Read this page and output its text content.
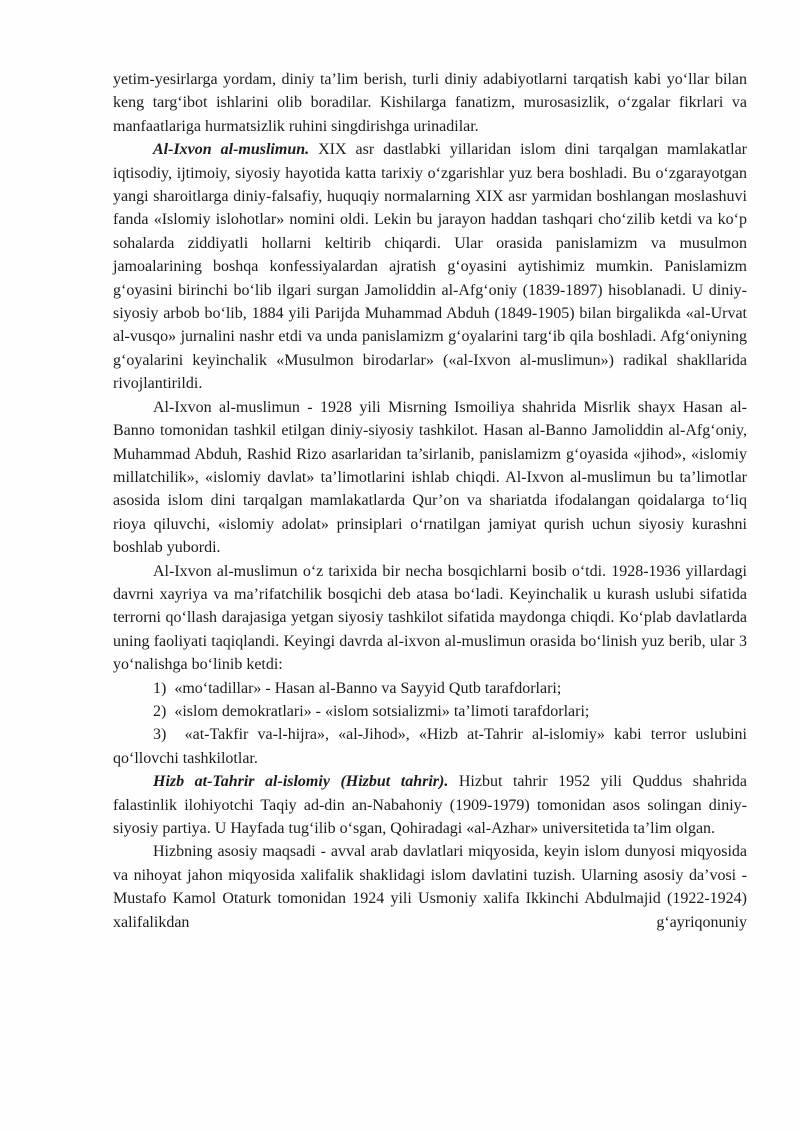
yetim-yesirlarga yordam, diniy ta’lim berish, turli diniy adabiyotlarni tarqatish kabi yo‘llar bilan keng targ‘ibot ishlarini olib boradilar. Kishilarga fanatizm, murosasizlik, o‘zgalar fikrlari va manfaatlariga hurmatsizlik ruhini singdirishga urinadilar.

Al-Ixvon al-muslimun. XIX asr dastlabki yillaridan islom dini tarqalgan mamlakatlar iqtisodiy, ijtimoiy, siyosiy hayotida katta tarixiy o‘zgarishlar yuz bera boshladi. Bu o‘zgarayotgan yangi sharoitlarga diniy-falsafiy, huquqiy normalarning XIX asr yarmidan boshlangan moslashuvi fanda «Islomiy islohotlar» nomini oldi. Lekin bu jarayon haddan tashqari cho‘zilib ketdi va ko‘p sohalarda ziddiyatli hollarni keltirib chiqardi. Ular orasida panislamizm va musulmon jamoalarining boshqa konfessiyalardan ajratish g‘oyasini aytishimiz mumkin. Panislamizm g‘oyasini birinchi bo‘lib ilgari surgan Jamoliddin al-Afg‘oniy (1839-1897) hisoblanadi. U diniy-siyosiy arbob bo‘lib, 1884 yili Parijda Muhammad Abduh (1849-1905) bilan birgalikda «al-Urvat al-vusqo» jurnalini nashr etdi va unda panislamizm g‘oyalarini targ‘ib qila boshladi. Afg‘oniyning g‘oyalarini keyinchalik «Musulmon birodarlar» («al-Ixvon al-muslimun») radikal shakllarida rivojlantirildi.

Al-Ixvon al-muslimun - 1928 yili Misrning Ismoiliya shahrida Misrlik shayx Hasan al-Banno tomonidan tashkil etilgan diniy-siyosiy tashkilot. Hasan al-Banno Jamoliddin al-Afg‘oniy, Muhammad Abduh, Rashid Rizo asarlaridan ta’sirlanib, panislamizm g‘oyasida «jihod», «islomiy millatchilik», «islomiy davlat» ta’limotlarini ishlab chiqdi. Al-Ixvon al-muslimun bu ta’limotlar asosida islom dini tarqalgan mamlakatlarda Qur’on va shariatda ifodalangan qoidalarga to‘liq rioya qiluvchi, «islomiy adolat» prinsiplari o‘rnatilgan jamiyat qurish uchun siyosiy kurashni boshlab yubordi.

Al-Ixvon al-muslimun o‘z tarixida bir necha bosqichlarni bosib o‘tdi. 1928-1936 yillardagi davrni xayriya va ma’rifatchilik bosqichi deb atasa bo‘ladi. Keyinchalik u kurash uslubi sifatida terrorni qo‘llash darajasiga yetgan siyosiy tashkilot sifatida maydonga chiqdi. Ko‘plab davlatlarda uning faoliyati taqiqlandi. Keyingi davrda al-ixvon al-muslimun orasida bo‘linish yuz berib, ular 3 yo‘nalishga bo‘linib ketdi:

1)  «mo‘tadillar» - Hasan al-Banno va Sayyid Qutb tarafdorlari;

2)  «islom demokratlari» - «islom sotsializmi» ta’limoti tarafdorlari;

3)  «at-Takfir va-l-hijra», «al-Jihod», «Hizb at-Tahrir al-islomiy» kabi terror uslubini qo‘llovchi tashkilotlar.

Hizb at-Tahrir al-islomiy (Hizbut tahrir). Hizbut tahrir 1952 yili Quddus shahrida falastinlik ilohiyotchi Taqiy ad-din an-Nabahoniy (1909-1979) tomonidan asos solingan diniy-siyosiy partiya. U Hayfada tug‘ilib o‘sgan, Qohiradagi «al-Azhar» universitetida ta’lim olgan.

Hizbning asosiy maqsadi - avval arab davlatlari miqyosida, keyin islom dunyosi miqyosida va nihoyat jahon miqyosida xalifalik shaklidagi islom davlatini tuzish. Ularning asosiy da’vosi - Mustafo Kamol Otaturk tomonidan 1924 yili Usmoniy xalifa Ikkinchi Abdulmajid (1922-1924) xalifalikdan g‘ayriqonuniy
